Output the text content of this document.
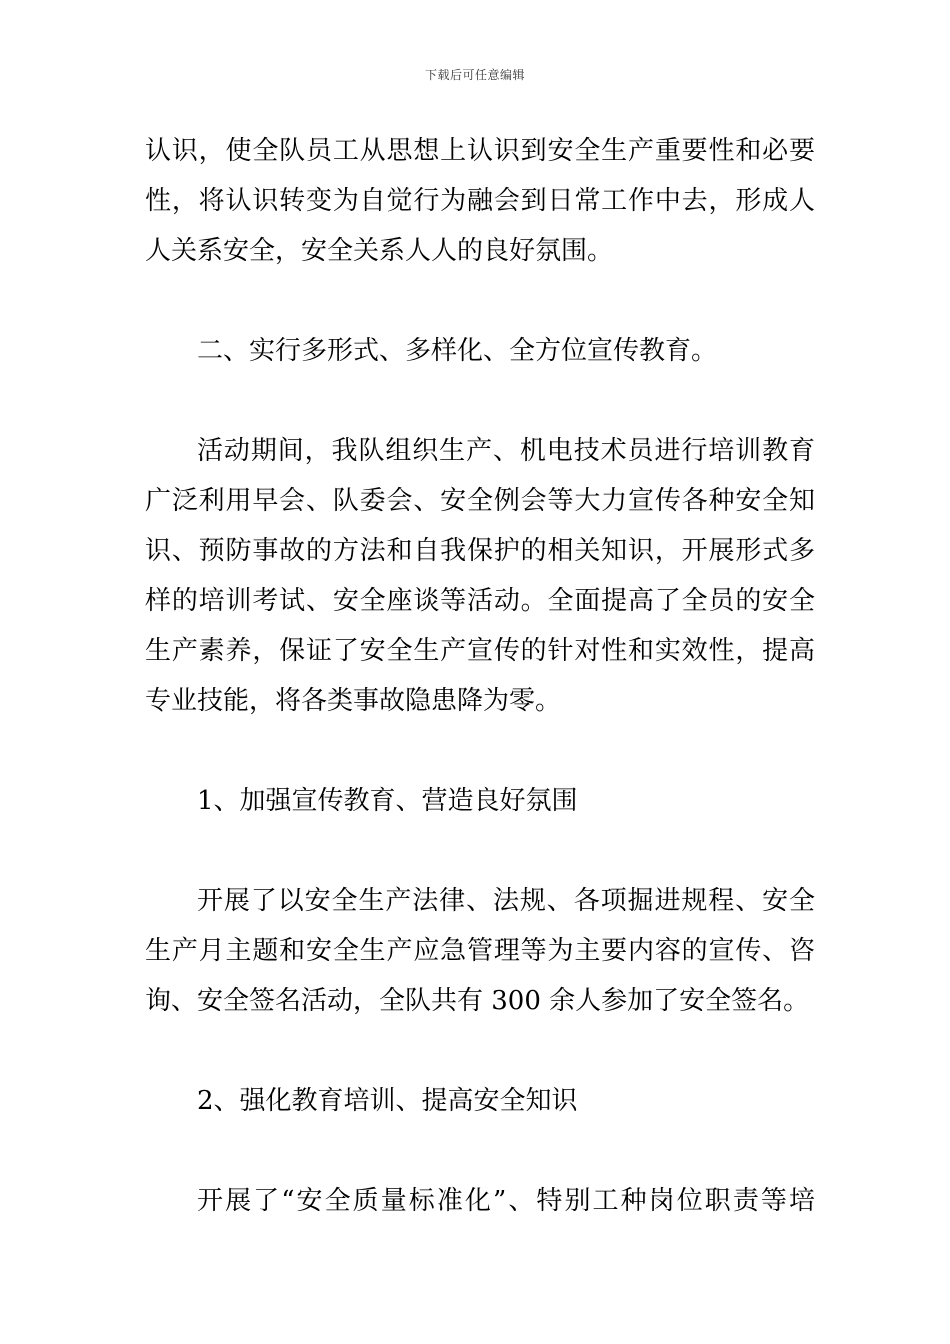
下载后可任意编辑
认识，使全队员工从思想上认识到安全生产重要性和必要
性，将认识转变为自觉行为融会到日常工作中去，形成人
人关系安全，安全关系人人的良好氛围。
二、实行多形式、多样化、全方位宣传教育。
活动期间，我队组织生产、机电技术员进行培训教育
广泛利用早会、队委会、安全例会等大力宣传各种安全知
识、预防事故的方法和自我保护的相关知识，开展形式多
样的培训考试、安全座谈等活动。全面提高了全员的安全
生产素养，保证了安全生产宣传的针对性和实效性，提高
专业技能，将各类事故隐患降为零。
1、加强宣传教育、营造良好氛围
开展了以安全生产法律、法规、各项掘进规程、安全
生产月主题和安全生产应急管理等为主要内容的宣传、咨
询、安全签名活动，全队共有 300 余人参加了安全签名。
2、强化教育培训、提高安全知识
开展了“安全质量标准化”、特别工种岗位职责等培
